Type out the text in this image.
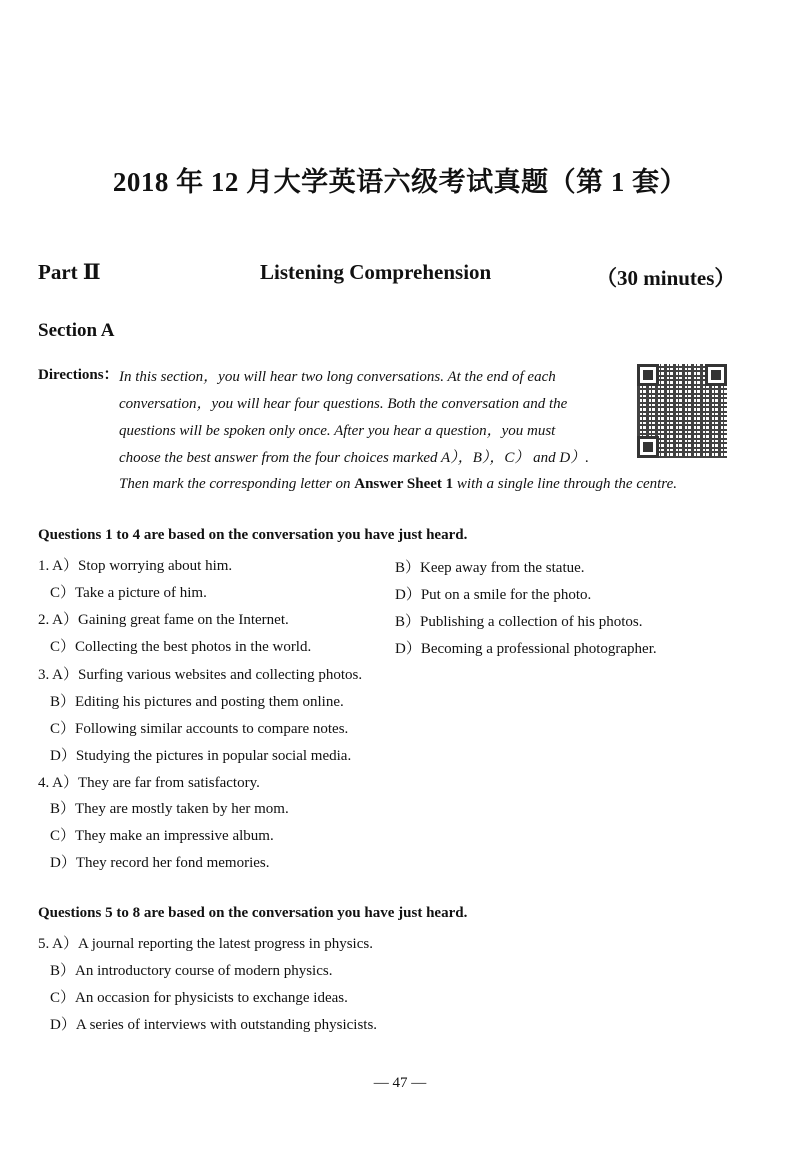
2018 年 12 月大学英语六级考试真题（第 1 套）
Part Ⅱ	Listening Comprehension	（30 minutes）
Section A
Directions： In this section，you will hear two long conversations. At the end of each
conversation，you will hear four questions. Both the conversation and the
questions will be spoken only once. After you hear a question，you must
choose the best answer from the four choices marked A），B），C） and D）.
Then mark the corresponding letter on Answer Sheet 1 with a single line through the centre.
Questions 1 to 4 are based on the conversation you have just heard.
1. A）Stop worrying about him.	B）Keep away from the statue.
C）Take a picture of him.	D）Put on a smile for the photo.
2. A）Gaining great fame on the Internet.	B）Publishing a collection of his photos.
C）Collecting the best photos in the world.	D）Becoming a professional photographer.
3. A）Surfing various websites and collecting photos.
B）Editing his pictures and posting them online.
C）Following similar accounts to compare notes.
D）Studying the pictures in popular social media.
4. A）They are far from satisfactory.
B）They are mostly taken by her mom.
C）They make an impressive album.
D）They record her fond memories.
Questions 5 to 8 are based on the conversation you have just heard.
5. A）A journal reporting the latest progress in physics.
B）An introductory course of modern physics.
C）An occasion for physicists to exchange ideas.
D）A series of interviews with outstanding physicists.
— 47 —
